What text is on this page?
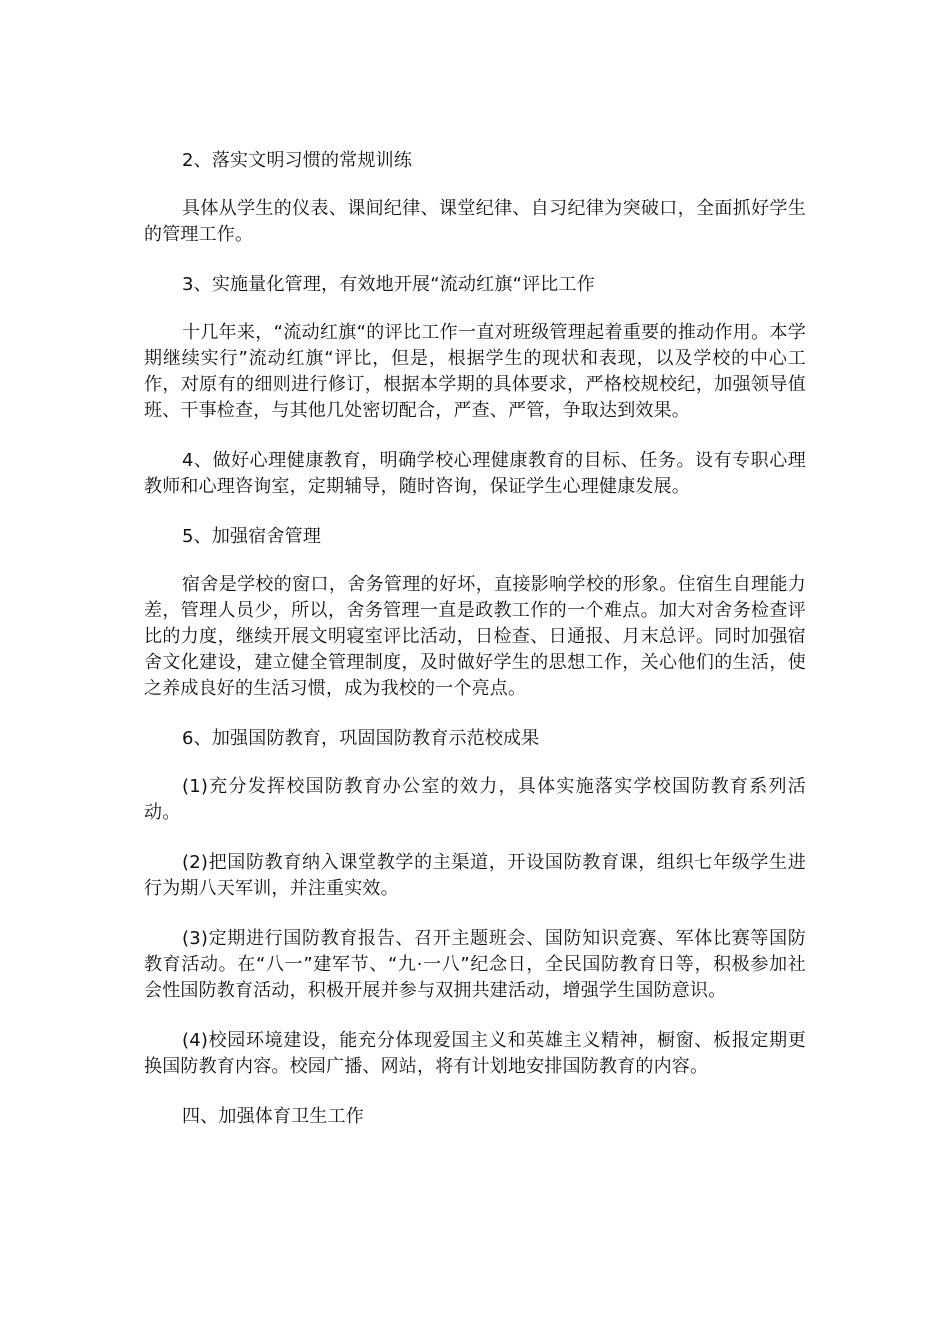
2、落实文明习惯的常规训练

具体从学生的仪表、课间纪律、课堂纪律、自习纪律为突破口，全面抓好学生的管理工作。

3、实施量化管理，有效地开展“流动红旗“评比工作

十几年来，“流动红旗“的评比工作一直对班级管理起着重要的推动作用。本学期继续实行”流动红旗“评比，但是，根据学生的现状和表现，以及学校的中心工作，对原有的细则进行修订，根据本学期的具体要求，严格校规校纪，加强领导值班、干事检查，与其他几处密切配合，严查、严管，争取达到效果。

4、做好心理健康教育，明确学校心理健康教育的目标、任务。设有专职心理教师和心理咨询室，定期辅导，随时咨询，保证学生心理健康发展。

5、加强宿舍管理

宿舍是学校的窗口，舍务管理的好坏，直接影响学校的形象。住宿生自理能力差，管理人员少，所以，舍务管理一直是政教工作的一个难点。加大对舍务检查评比的力度，继续开展文明寝室评比活动，日检查、日通报、月末总评。同时加强宿舍文化建设，建立健全管理制度，及时做好学生的思想工作，关心他们的生活，使之养成良好的生活习惯，成为我校的一个亮点。

6、加强国防教育，巩固国防教育示范校成果

(1)充分发挥校国防教育办公室的效力，具体实施落实学校国防教育系列活动。

(2)把国防教育纳入课堂教学的主渠道，开设国防教育课，组织七年级学生进行为期八天军训，并注重实效。

(3)定期进行国防教育报告、召开主题班会、国防知识竞赛、军体比赛等国防教育活动。在“八一”建军节、“九·一八”纪念日，全民国防教育日等，积极参加社会性国防教育活动，积极开展并参与双拥共建活动，增强学生国防意识。

(4)校园环境建设，能充分体现爱国主义和英雄主义精神，橱窗、板报定期更换国防教育内容。校园广播、网站，将有计划地安排国防教育的内容。

四、加强体育卫生工作
